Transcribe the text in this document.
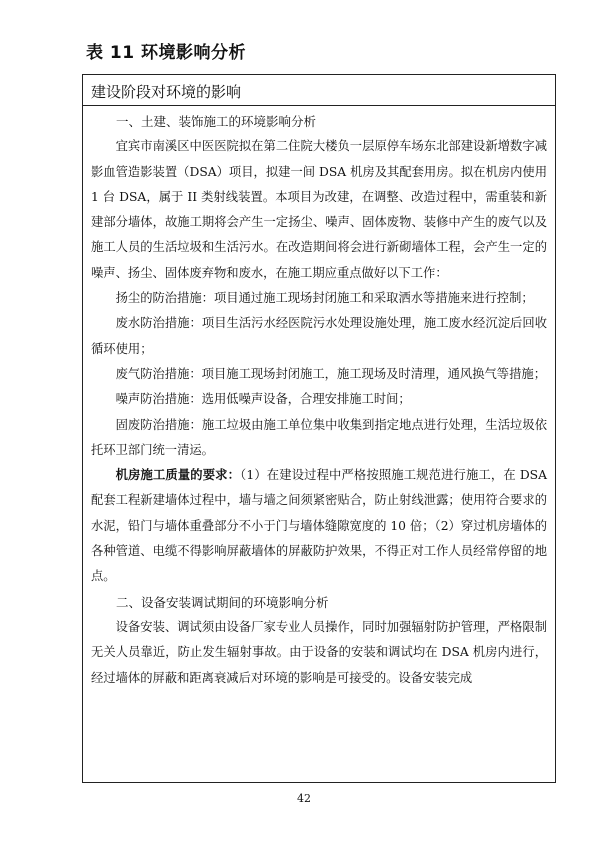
表 11 环境影响分析
建设阶段对环境的影响

一、土建、装饰施工的环境影响分析

宜宾市南溪区中医医院拟在第二住院大楼负一层原停车场东北部建设新增数字减影血管造影装置（DSA）项目，拟建一间 DSA 机房及其配套用房。拟在机房内使用 1 台 DSA，属于 II 类射线装置。本项目为改建，在调整、改造过程中，需重装和新建部分墙体，故施工期将会产生一定扬尘、噪声、固体废物、装修中产生的废气以及施工人员的生活垃圾和生活污水。在改造期间将会进行新砌墙体工程，会产生一定的噪声、扬尘、固体废弃物和废水，在施工期应重点做好以下工作：

扬尘的防治措施：项目通过施工现场封闭施工和采取洒水等措施来进行控制；

废水防治措施：项目生活污水经医院污水处理设施处理，施工废水经沉淀后回收循环使用；

废气防治措施：项目施工现场封闭施工，施工现场及时清理，通风换气等措施；

噪声防治措施：选用低噪声设备，合理安排施工时间；

固废防治措施：施工垃圾由施工单位集中收集到指定地点进行处理，生活垃圾依托环卫部门统一清运。

机房施工质量的要求：（1）在建设过程中严格按照施工规范进行施工，在 DSA 配套工程新建墙体过程中，墙与墙之间须紧密贴合，防止射线泄露；使用符合要求的水泥，铅门与墙体重叠部分不小于门与墙体缝隙宽度的 10 倍；（2）穿过机房墙体的各种管道、电缆不得影响屏蔽墙体的屏蔽防护效果，不得正对工作人员经常停留的地点。

二、设备安装调试期间的环境影响分析

设备安装、调试须由设备厂家专业人员操作，同时加强辐射防护管理，严格限制无关人员靠近，防止发生辐射事故。由于设备的安装和调试均在 DSA 机房内进行，经过墙体的屏蔽和距离衰减后对环境的影响是可接受的。设备安装完成

42
